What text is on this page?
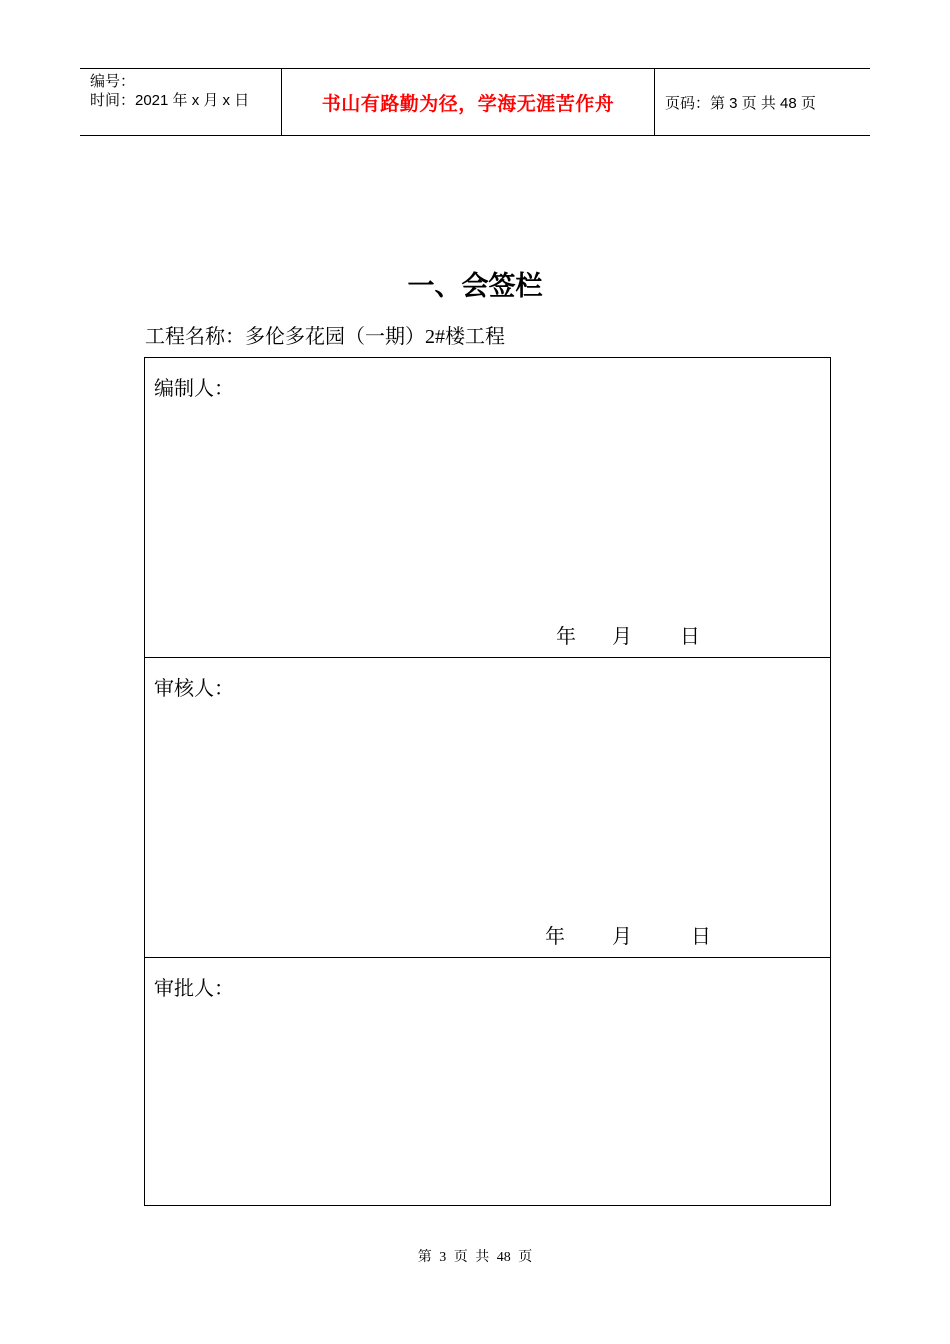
编号：
时间：2021 年 x 月 x 日	书山有路勤为径，学海无涯苦作舟	页码：第 3 页 共 48 页
一、会签栏
工程名称：多伦多花园（一期）2#楼工程
编制人：
年 月 日
审核人：
年 月	日
审批人：
第 3 页 共 48 页
